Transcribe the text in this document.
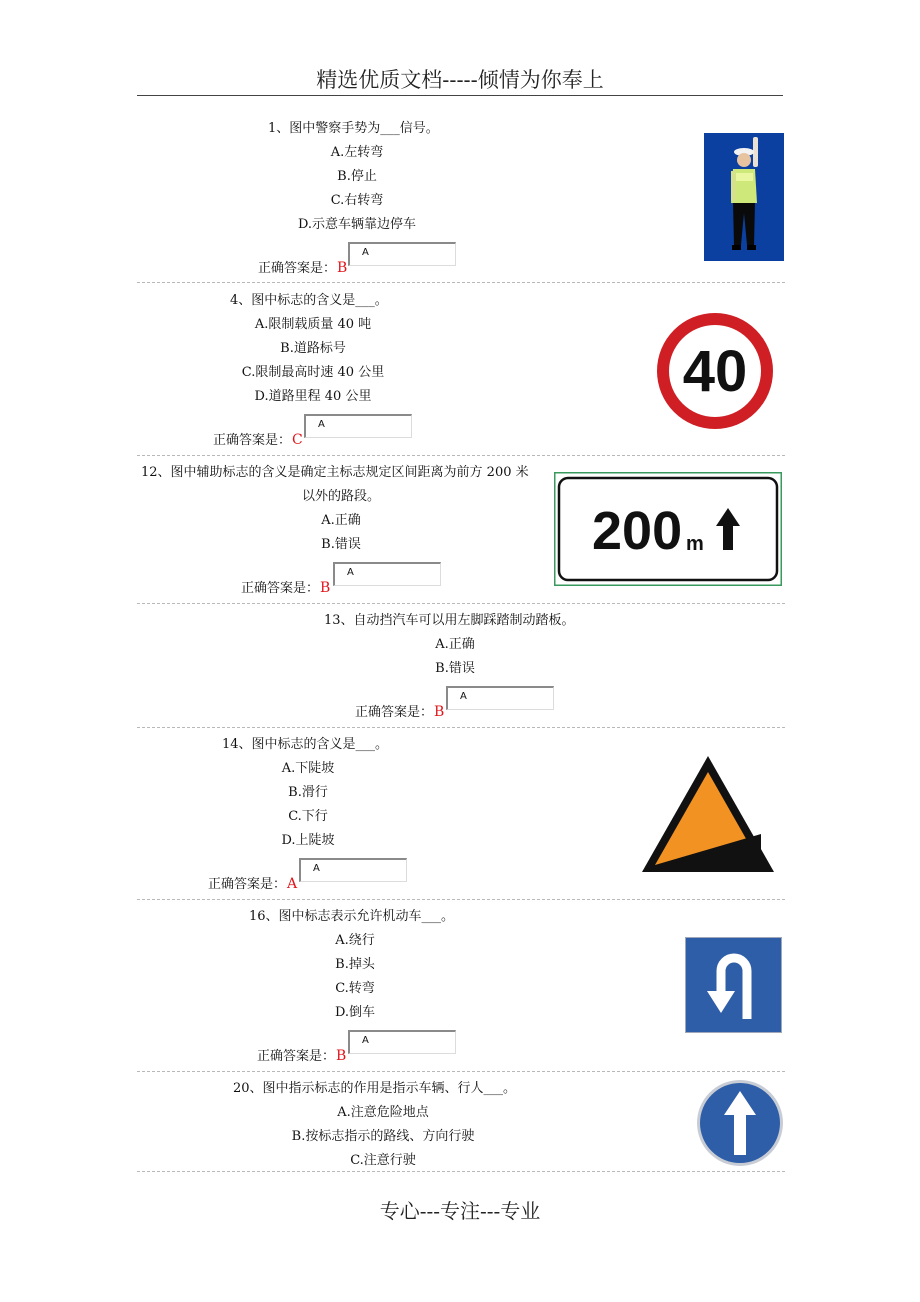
精选优质文档-----倾情为你奉上
1、图中警察手势为___信号。
A.左转弯
B.停止
C.右转弯
D.示意车辆靠边停车
正确答案是：B
A
4、图中标志的含义是___。
A.限制载质量 40 吨
B.道路标号
C.限制最高时速 40 公里
D.道路里程 40 公里
正确答案是：C
A
40
12、图中辅助标志的含义是确定主标志规定区间距离为前方 200 米
以外的路段。
A.正确
B.错误
正确答案是：B
A
200 m
13、自动挡汽车可以用左脚踩踏制动踏板。
A.正确
B.错误
正确答案是：B
A
14、图中标志的含义是___。
A.下陡坡
B.滑行
C.下行
D.上陡坡
正确答案是：A
A
16、图中标志表示允许机动车___。
A.绕行
B.掉头
C.转弯
D.倒车
正确答案是：B
A
20、图中指示标志的作用是指示车辆、行人___。
A.注意危险地点
B.按标志指示的路线、方向行驶
C.注意行驶
专心---专注---专业
